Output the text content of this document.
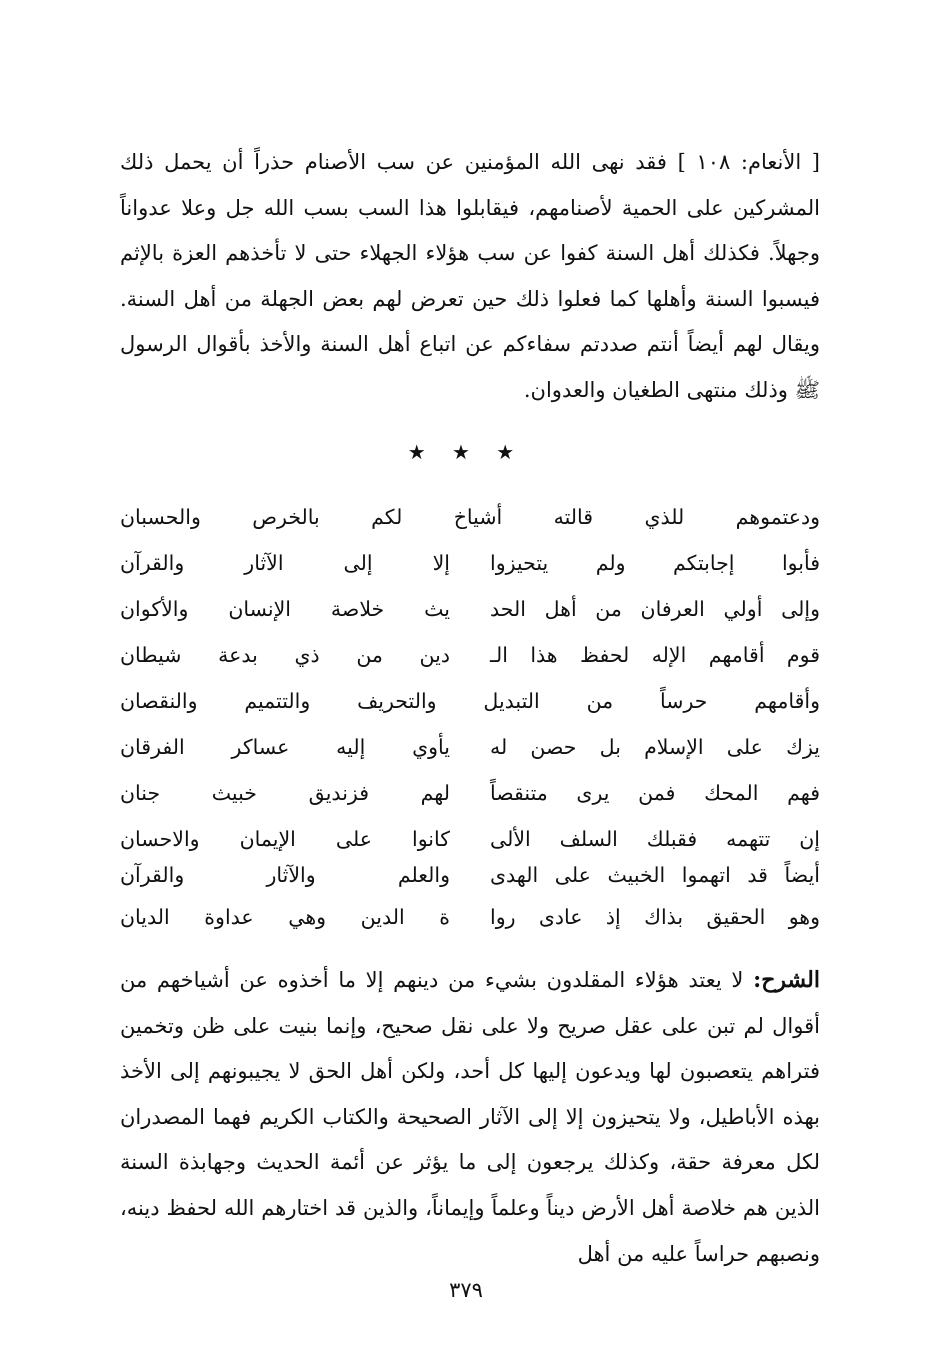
[ الأنعام: ١٠٨ ] فقد نهى الله المؤمنين عن سب الأصنام حذراً أن يحمل ذلك المشركين على الحمية لأصنامهم، فيقابلوا هذا السب بسب الله جل وعلا عدواناً وجهلاً. فكذلك أهل السنة كفوا عن سب هؤلاء الجهلاء حتى لا تأخذهم العزة بالإثم فيسبوا السنة وأهلها كما فعلوا ذلك حين تعرض لهم بعض الجهلة من أهل السنة. ويقال لهم أيضاً أنتم صددتم سفاءكم عن اتباع أهل السنة والأخذ بأقوال الرسول ﷺ وذلك منتهى الطغيان والعدوان.
★ ★ ★
ودعتموهم للذي قالته أشياخ لكم بالخرص والحسبان
فأبوا إجابتكم ولم يتحيزوا
إلا إلى الآثار والقرآن
وإلى أولي العرفان من أهل الحد
يث خلاصة الإنسان والأكوان
قوم أقامهم الإله لحفظ هذا الـ
دين من ذي بدعة شيطان
وأقامهم حرساً من التبديل والتحريف والتتميم والنقصان
يزك على الإسلام بل حصن له
يأوي إليه عساكر الفرقان
فهم المحك فمن يرى متنقصاً
لهم فزنديق خبيث جنان
إن تتهمه فقبلك السلف الألى
كانوا على الإيمان والاحسان
أيضاً قد اتهموا الخبيث على الهدى
والعلم والآثار والقرآن
وهو الحقيق بذاك إذ عادى روا
ة الدين وهي عداوة الديان
الشرح: لا يعتد هؤلاء المقلدون بشيء من دينهم إلا ما أخذوه عن أشياخهم من أقوال لم تبن على عقل صريح ولا على نقل صحيح، وإنما بنيت على ظن وتخمين فتراهم يتعصبون لها ويدعون إليها كل أحد، ولكن أهل الحق لا يجيبونهم إلى الأخذ بهذه الأباطيل، ولا يتحيزون إلا إلى الآثار الصحيحة والكتاب الكريم فهما المصدران لكل معرفة حقة، وكذلك يرجعون إلى ما يؤثر عن أئمة الحديث وجهابذة السنة الذين هم خلاصة أهل الأرض ديناً وعلماً وإيماناً، والذين قد اختارهم الله لحفظ دينه، ونصبهم حراساً عليه من أهل
٣٧٩
